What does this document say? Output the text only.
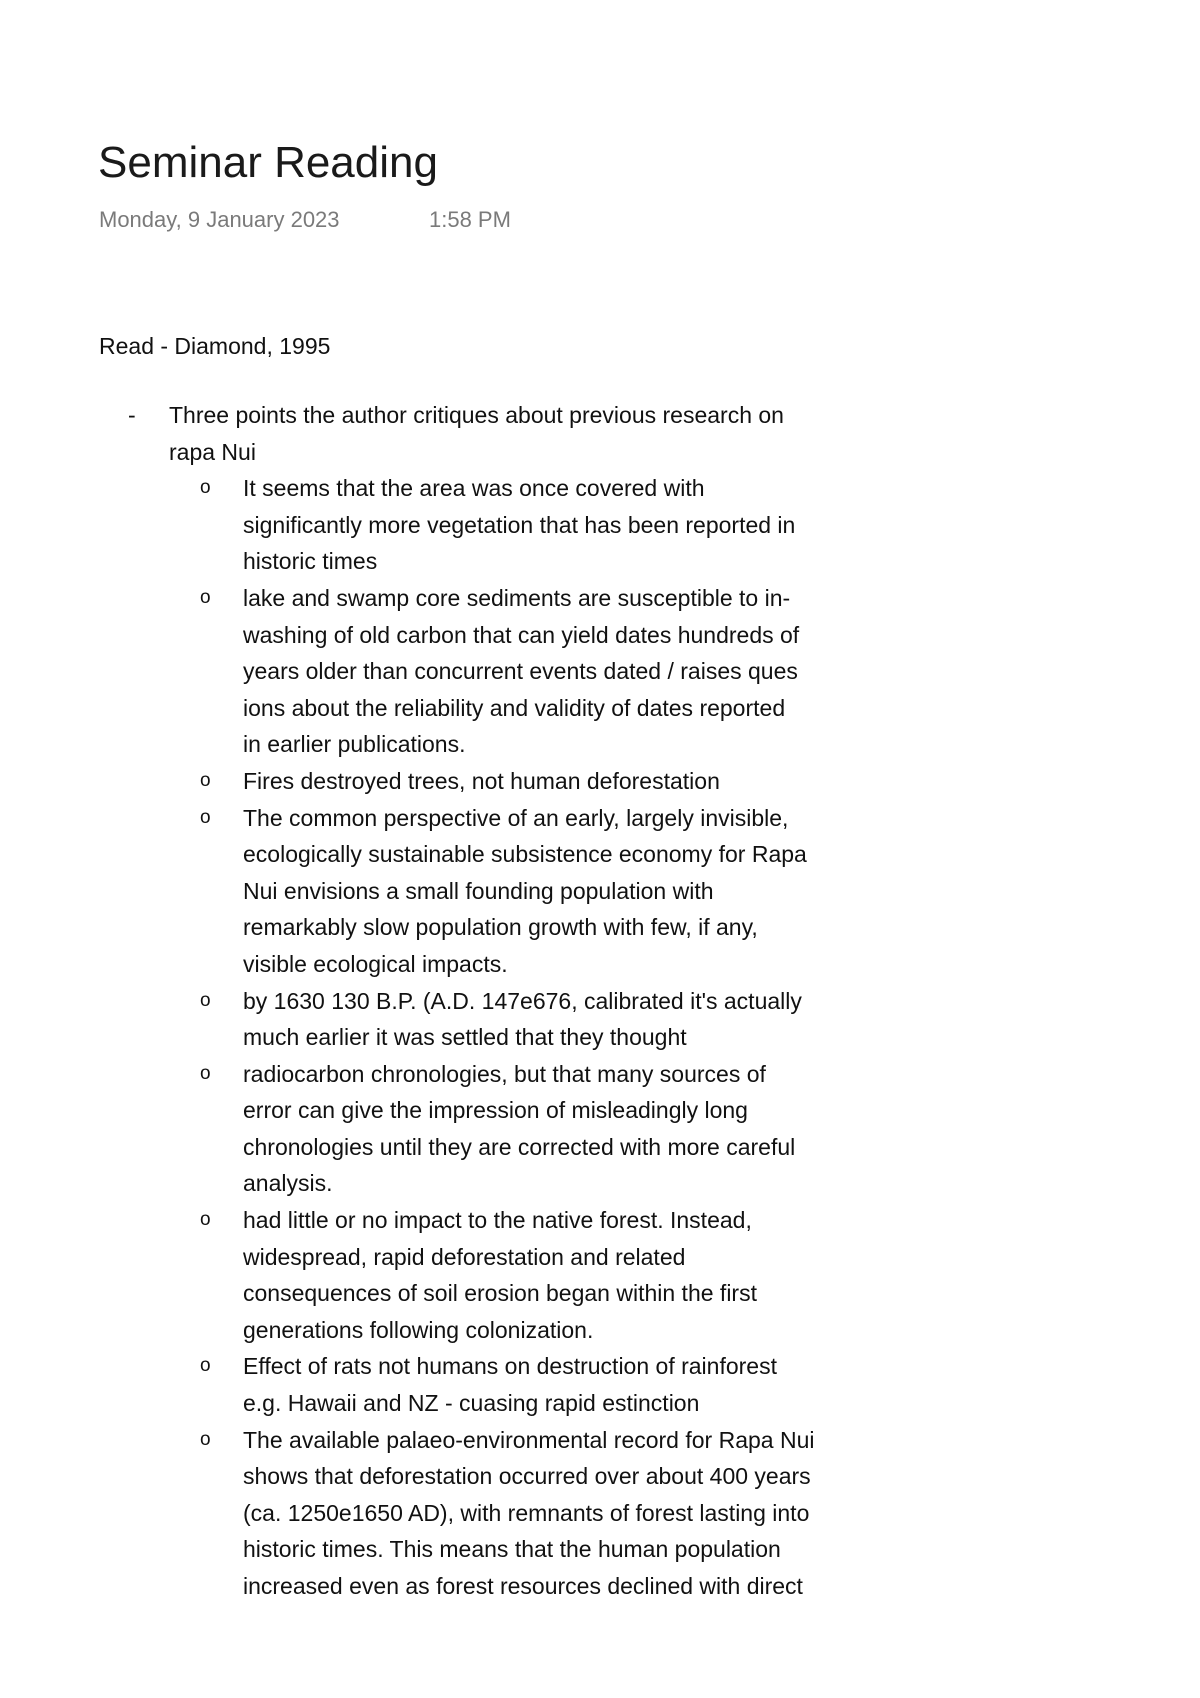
Seminar Reading
Monday, 9 January 2023	1:58 PM
Read - Diamond, 1995
- Three points the author critiques about previous research on
rapa Nui
o It seems that the area was once covered with
significantly more vegetation that has been reported in
historic times
o lake and swamp core sediments are susceptible to in-
washing of old carbon that can yield dates hundreds of
years older than concurrent events dated / raises ques
ions about the reliability and validity of dates reported
in earlier publications.
o Fires destroyed trees, not human deforestation
o The common perspective of an early, largely invisible,
ecologically sustainable subsistence economy for Rapa
Nui envisions a small founding population with
remarkably slow population growth with few, if any,
visible ecological impacts.
o by 1630 130 B.P. (A.D. 147e676, calibrated it's actually
much earlier it was settled that they thought
o radiocarbon chronologies, but that many sources of
error can give the impression of misleadingly long
chronologies until they are corrected with more careful
analysis.
o had little or no impact to the native forest. Instead,
widespread, rapid deforestation and related
consequences of soil erosion began within the first
generations following colonization.
o Effect of rats not humans on destruction of rainforest
e.g. Hawaii and NZ - cuasing rapid estinction
o The available palaeo-environmental record for Rapa Nui
shows that deforestation occurred over about 400 years
(ca. 1250e1650 AD), with remnants of forest lasting into
historic times. This means that the human population
increased even as forest resources declined with direct
